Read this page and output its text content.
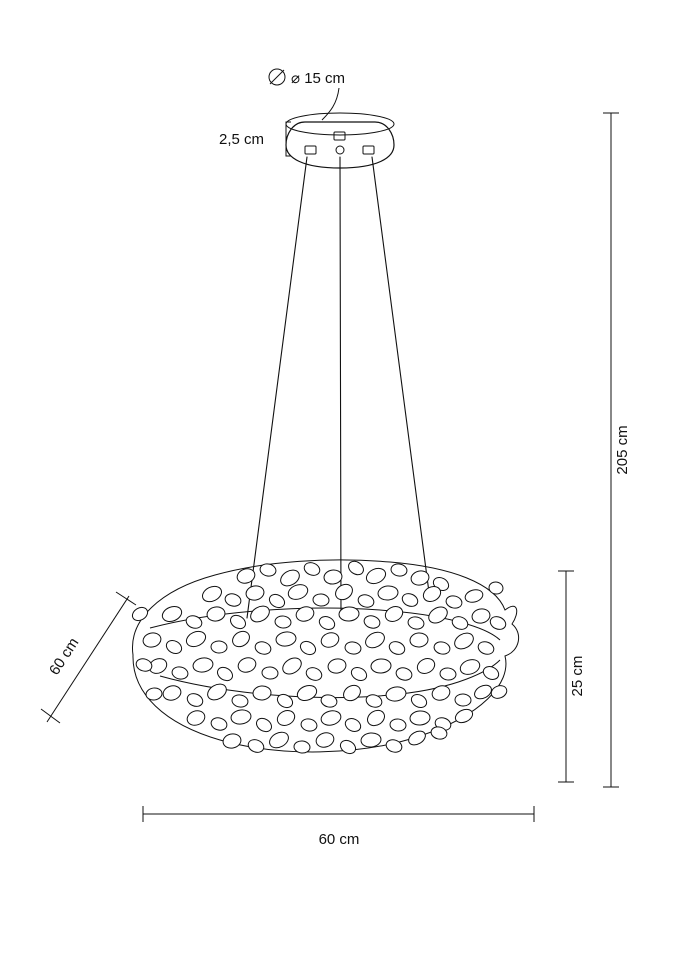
⌀ 15 cm
2,5 cm
205 cm
25 cm
60 cm
60 cm
